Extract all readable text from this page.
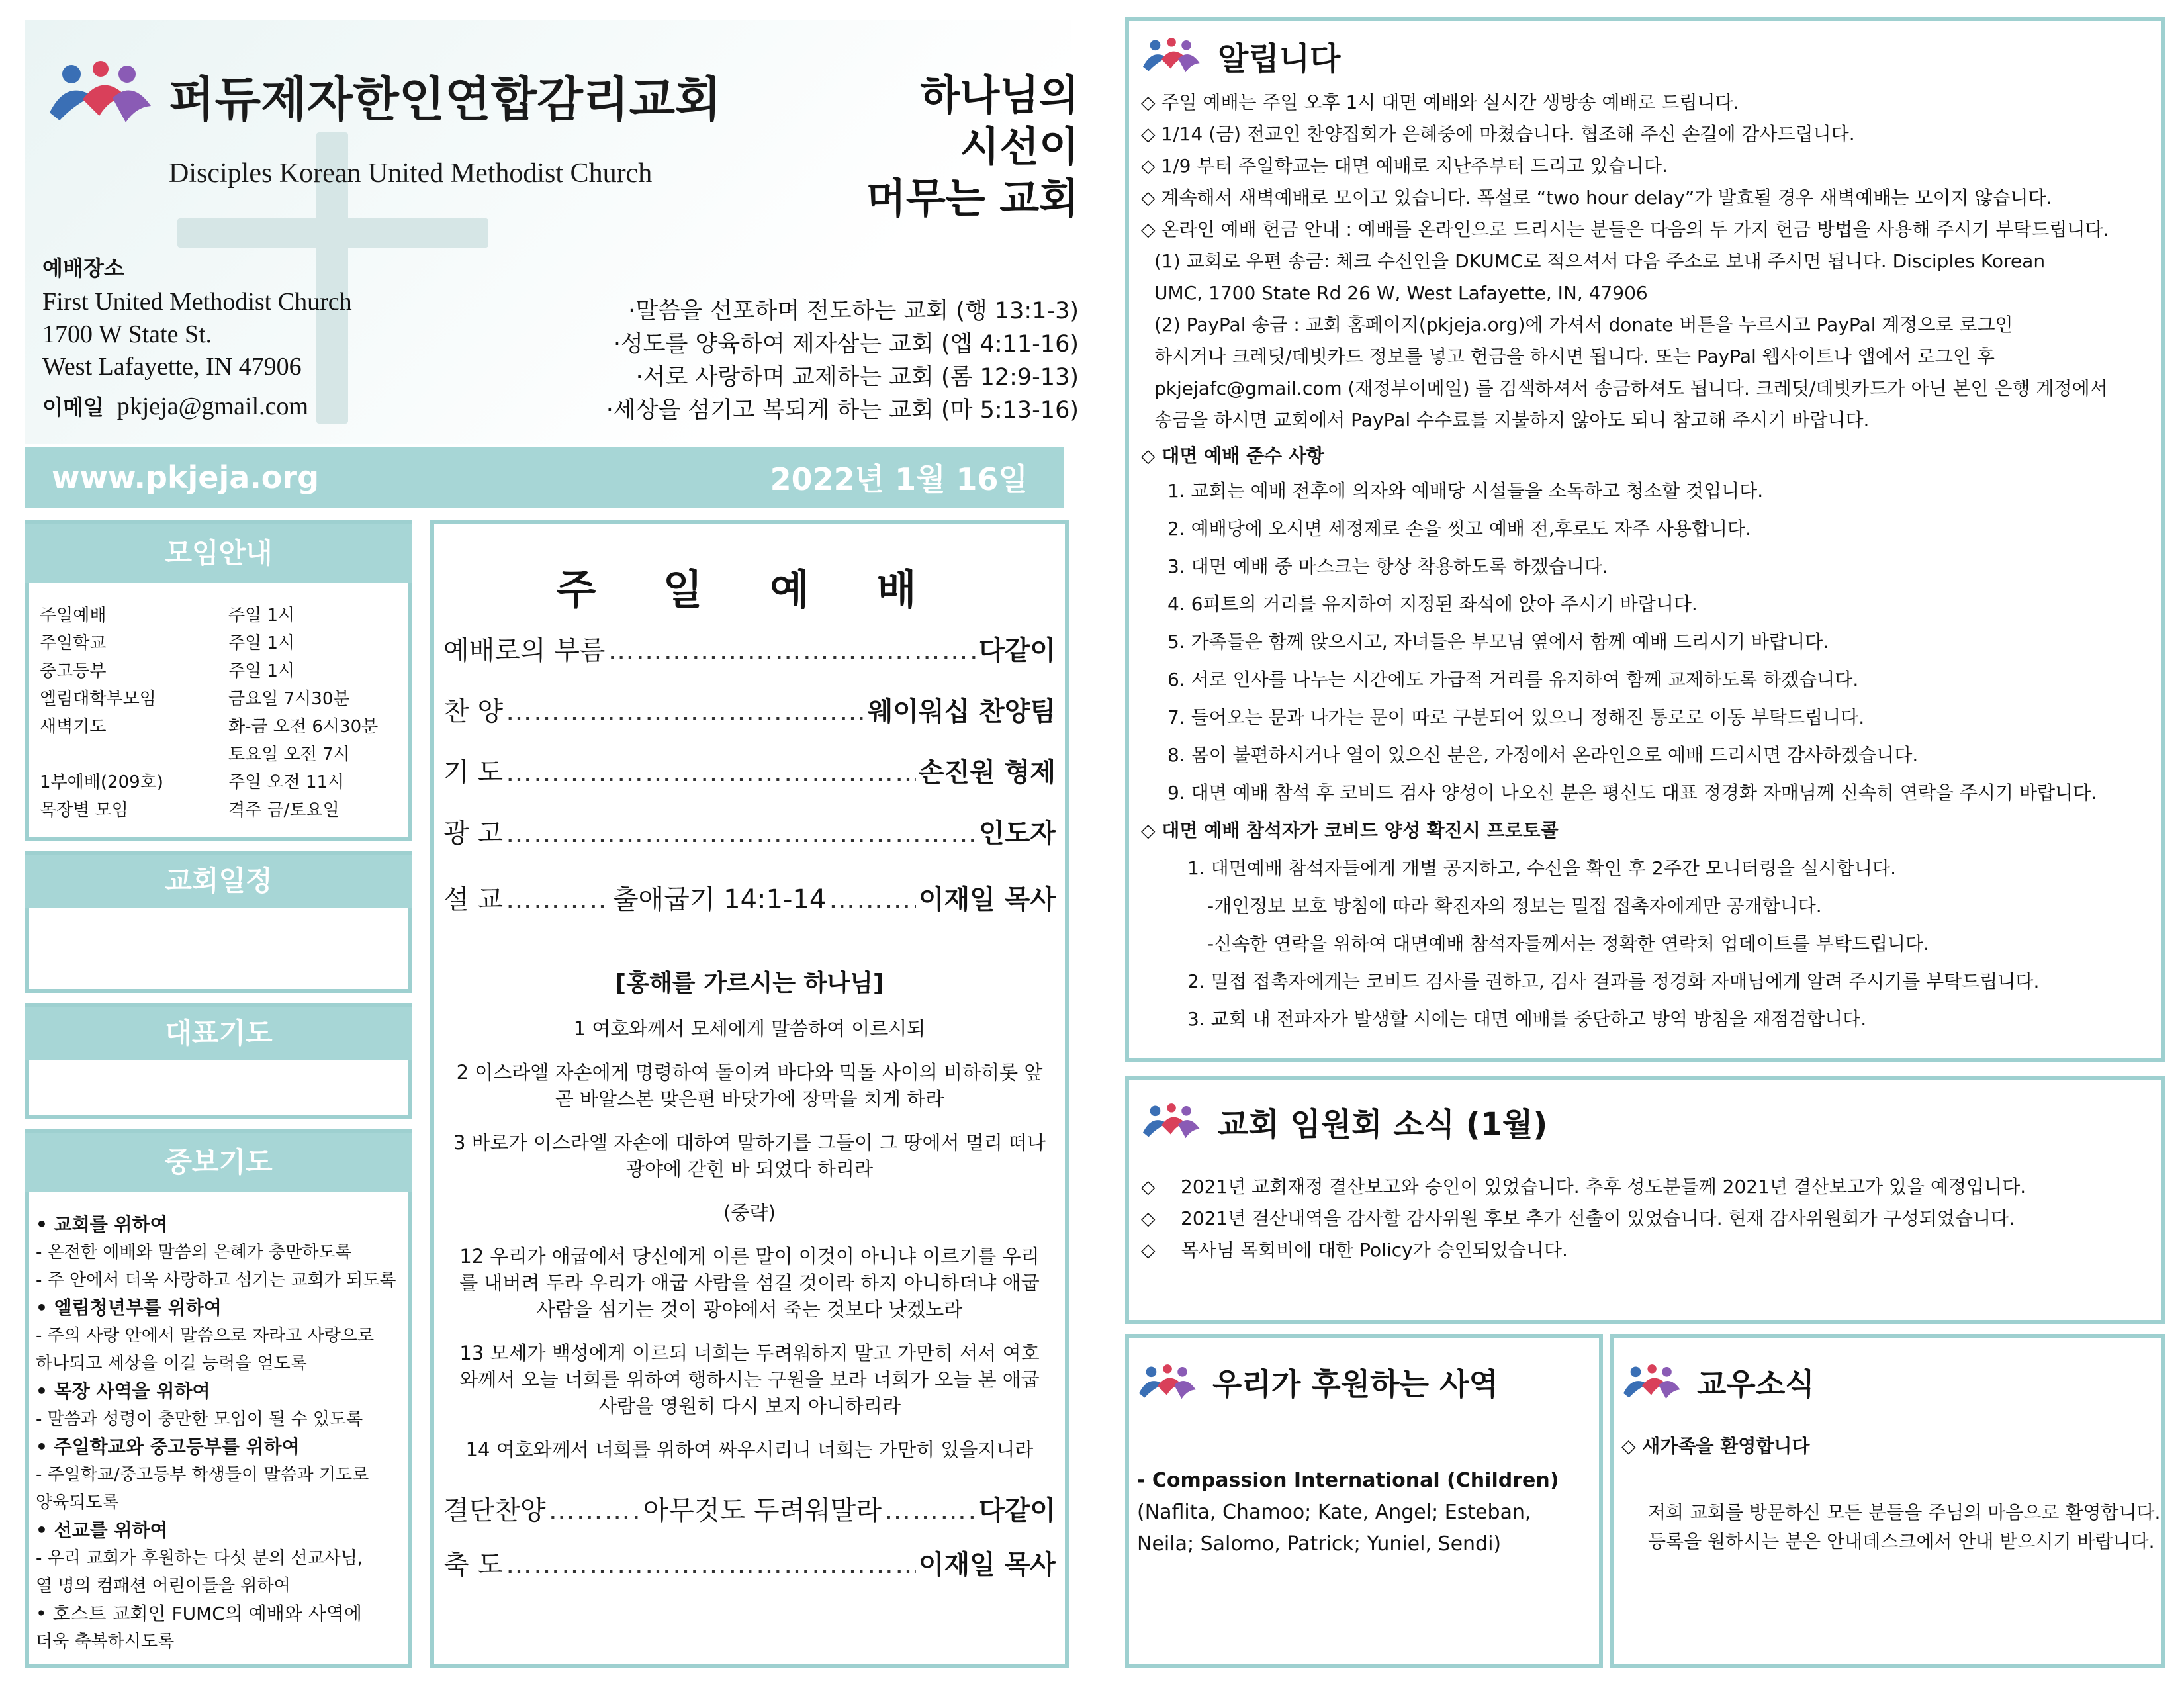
퍼듀제자한인연합감리교회
Disciples Korean United Methodist Church
하나님의
시선이
머무는 교회
예배장소
First United Methodist Church
1700 W State St.
West Lafayette, IN 47906
이메일 pkjeja@gmail.com
·말씀을 선포하며 전도하는 교회 (행 13:1-3)
·성도를 양육하여 제자삼는 교회 (엡 4:11-16)
·서로 사랑하며 교제하는 교회 (롬 12:9-13)
·세상을 섬기고 복되게 하는 교회 (마 5:13-16)
www.pkjeja.org	2022년 1월 16일
모임안내
주일예배	주일 1시
주일학교	주일 1시
중고등부	주일 1시
엘림대학부모임	금요일 7시30분
새벽기도	화-금 오전 6시30분
토요일 오전 7시
1부예배(209호)	주일 오전 11시
목장별 모임	격주 금/토요일
교회일정
대표기도
중보기도
• 교회를 위하여
- 온전한 예배와 말씀의 은혜가 충만하도록
- 주 안에서 더욱 사랑하고 섬기는 교회가 되도록
• 엘림청년부를 위하여
- 주의 사랑 안에서 말씀으로 자라고 사랑으로
하나되고 세상을 이길 능력을 얻도록
• 목장 사역을 위하여
- 말씀과 성령이 충만한 모임이 될 수 있도록
• 주일학교와 중고등부를 위하여
- 주일학교/중고등부 학생들이 말씀과 기도로
양육되도록
• 선교를 위하여
- 우리 교회가 후원하는 다섯 분의 선교사님,
열 명의 컴패션 어린이들을 위하여
• 호스트 교회인 FUMC의 예배와 사역에
더욱 축복하시도록
주 일 예 배
예배로의 부름 ……………………………………………………………………………………………………………………………………………………………………	다같이
찬 양 ……………………………………………………………………………………………………………………………………………………………………	웨이워십 찬양팀
기 도 ……………………………………………………………………………………………………………………………………………………………………	손진원 형제
광 고 ……………………………………………………………………………………………………………………………………………………………………	인도자
설 교 ……………………………………………………………………………………………………………………………………………………………………	출애굽기 14:1-14 ……………………………………………………………………………………………………………………………………………………………………	이재일 목사
[홍해를 가르시는 하나님]

1 여호와께서 모세에게 말씀하여 이르시되

2 이스라엘 자손에게 명령하여 돌이켜 바다와 믹돌 사이의 비하히롯 앞 곧 바알스본 맞은편 바닷가에 장막을 치게 하라

3 바로가 이스라엘 자손에 대하여 말하기를 그들이 그 땅에서 멀리 떠나 광야에 갇힌 바 되었다 하리라

(중략)

12 우리가 애굽에서 당신에게 이른 말이 이것이 아니냐 이르기를 우리를 내버려 두라 우리가 애굽 사람을 섬길 것이라 하지 아니하더냐 애굽 사람을 섬기는 것이 광야에서 죽는 것보다 낫겠노라

13 모세가 백성에게 이르되 너희는 두려워하지 말고 가만히 서서 여호와께서 오늘 너희를 위하여 행하시는 구원을 보라 너희가 오늘 본 애굽 사람을 영원히 다시 보지 아니하리라

14 여호와께서 너희를 위하여 싸우시리니 너희는 가만히 있을지니라

결단찬양 ……………………………………………………………………………………………………………………………………………………………………	아무것도 두려워말라 ……………………………………………………………………………………………………………………………………………………………………	다같이
축 도 ……………………………………………………………………………………………………………………………………………………………………	이재일 목사
알립니다
◇ 주일 예배는 주일 오후 1시 대면 예배와 실시간 생방송 예배로 드립니다.
◇ 1/14 (금) 전교인 찬양집회가 은혜중에 마쳤습니다. 협조해 주신 손길에 감사드립니다.
◇ 1/9 부터 주일학교는 대면 예배로 지난주부터 드리고 있습니다.
◇ 계속해서 새벽예배로 모이고 있습니다. 폭설로 “two hour delay”가 발효될 경우 새벽예배는 모이지 않습니다.
◇ 온라인 예배 헌금 안내 : 예배를 온라인으로 드리시는 분들은 다음의 두 가지 헌금 방법을 사용해 주시기 부탁드립니다.
(1) 교회로 우편 송금: 체크 수신인을 DKUMC로 적으셔서 다음 주소로 보내 주시면 됩니다. Disciples Korean
UMC, 1700 State Rd 26 W, West Lafayette, IN, 47906
(2) PayPal 송금 : 교회 홈페이지(pkjeja.org)에 가셔서 donate 버튼을 누르시고 PayPal 계정으로 로그인
하시거나 크레딧/데빗카드 정보를 넣고 헌금을 하시면 됩니다. 또는 PayPal 웹사이트나 앱에서 로그인 후
pkjejafc@gmail.com (재정부이메일) 를 검색하셔서 송금하셔도 됩니다. 크레딧/데빗카드가 아닌 본인 은행 계정에서
송금을 하시면 교회에서 PayPal 수수료를 지불하지 않아도 되니 참고해 주시기 바랍니다.
◇ 대면 예배 준수 사항
1. 교회는 예배 전후에 의자와 예배당 시설들을 소독하고 청소할 것입니다.
2. 예배당에 오시면 세정제로 손을 씻고 예배 전,후로도 자주 사용합니다.
3. 대면 예배 중 마스크는 항상 착용하도록 하겠습니다.
4. 6피트의 거리를 유지하여 지정된 좌석에 앉아 주시기 바랍니다.
5. 가족들은 함께 앉으시고, 자녀들은 부모님 옆에서 함께 예배 드리시기 바랍니다.
6. 서로 인사를 나누는 시간에도 가급적 거리를 유지하여 함께 교제하도록 하겠습니다.
7. 들어오는 문과 나가는 문이 따로 구분되어 있으니 정해진 통로로 이동 부탁드립니다.
8. 몸이 불편하시거나 열이 있으신 분은, 가정에서 온라인으로 예배 드리시면 감사하겠습니다.
9. 대면 예배 참석 후 코비드 검사 양성이 나오신 분은 평신도 대표 정경화 자매님께 신속히 연락을 주시기 바랍니다.
◇ 대면 예배 참석자가 코비드 양성 확진시 프로토콜
1. 대면예배 참석자들에게 개별 공지하고, 수신을 확인 후 2주간 모니터링을 실시합니다.
-개인정보 보호 방침에 따라 확진자의 정보는 밀접 접촉자에게만 공개합니다.
-신속한 연락을 위하여 대면예배 참석자들께서는 정확한 연락처 업데이트를 부탁드립니다.
2. 밀접 접촉자에게는 코비드 검사를 권하고, 검사 결과를 정경화 자매님에게 알려 주시기를 부탁드립니다.
3. 교회 내 전파자가 발생할 시에는 대면 예배를 중단하고 방역 방침을 재점검합니다.
교회 임원회 소식 (1월)
◇	2021년 교회재정 결산보고와 승인이 있었습니다. 추후 성도분들께 2021년 결산보고가 있을 예정입니다.
◇	2021년 결산내역을 감사할 감사위원 후보 추가 선출이 있었습니다. 현재 감사위원회가 구성되었습니다.
◇	목사님 목회비에 대한 Policy가 승인되었습니다.
우리가 후원하는 사역
- Compassion International (Children)
(Naflita, Chamoo; Kate, Angel; Esteban,
Neila; Salomo, Patrick; Yuniel, Sendi)
교우소식
◇ 새가족을 환영합니다
저희 교회를 방문하신 모든 분들을 주님의 마음으로 환영합니다.
등록을 원하시는 분은 안내데스크에서 안내 받으시기 바랍니다.
